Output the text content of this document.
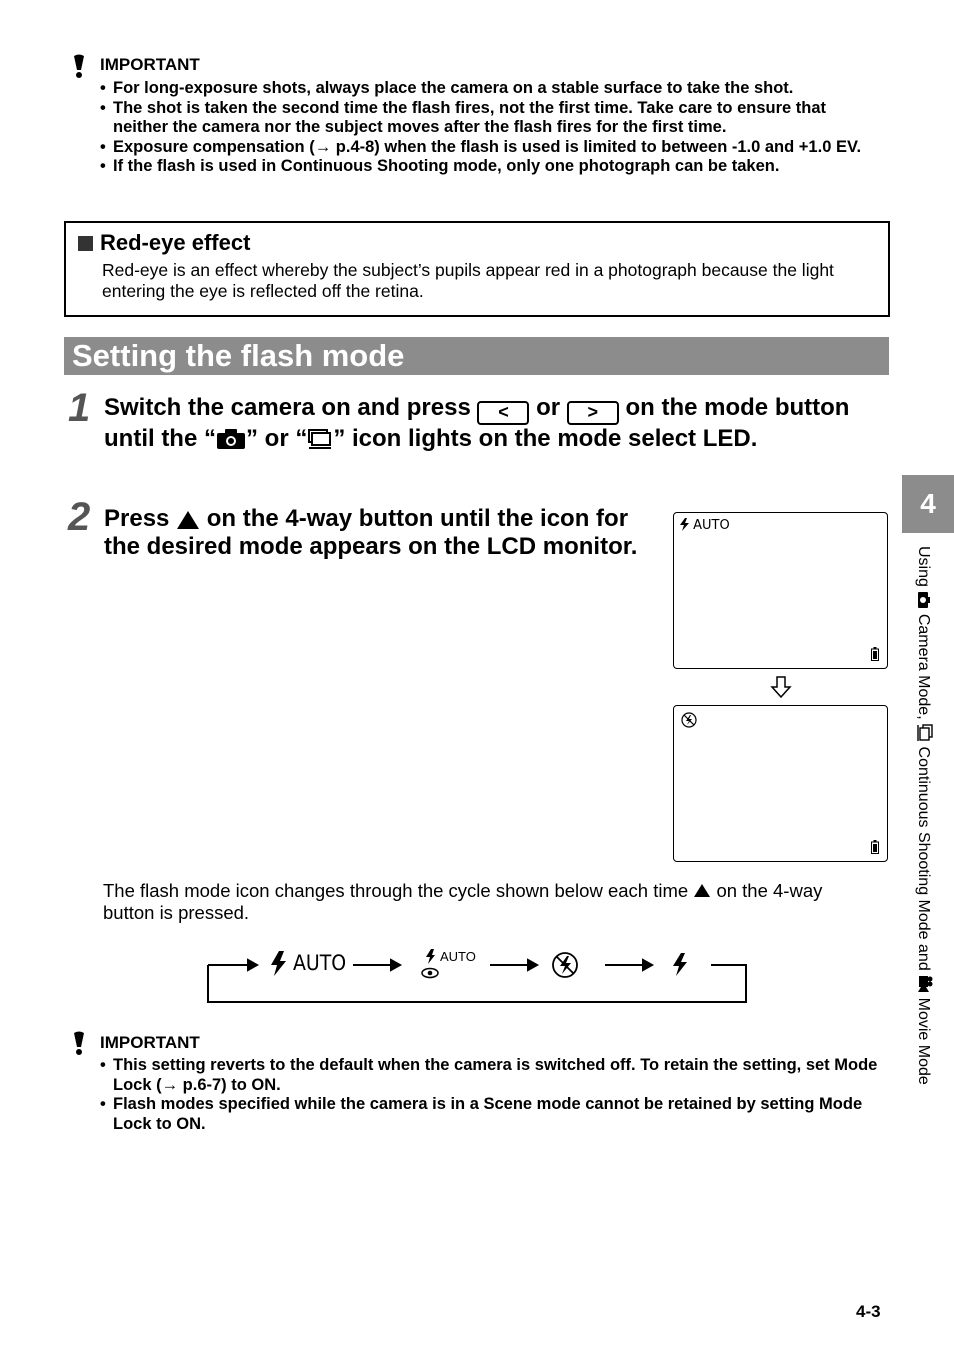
IMPORTANT
• For long-exposure shots, always place the camera on a stable surface to take the shot.
• The shot is taken the second time the flash fires, not the first time. Take care to ensure that neither the camera nor the subject moves after the flash fires for the first time.
• Exposure compensation (→ p.4-8) when the flash is used is limited to between -1.0 and +1.0 EV.
• If the flash is used in Continuous Shooting mode, only one photograph can be taken.
Red-eye effect
Red-eye is an effect whereby the subject’s pupils appear red in a photograph because the light entering the eye is reflected off the retina.
Setting the flash mode
1 Switch the camera on and press < or > on the mode button until the “ ” or “ ” icon lights on the mode select LED.
2 Press on the 4-way button until the icon for the desired mode appears on the LCD monitor.
AUTO
The flash mode icon changes through the cycle shown below each time on the 4-way button is pressed.
AUTO	AUTO
IMPORTANT
• This setting reverts to the default when the camera is switched off. To retain the setting, set Mode Lock (→ p.6-7) to ON.
• Flash modes specified while the camera is in a Scene mode cannot be retained by setting Mode Lock to ON.
4
Using  Camera Mode,  Continuous Shooting Mode and  Movie Mode
4-3
